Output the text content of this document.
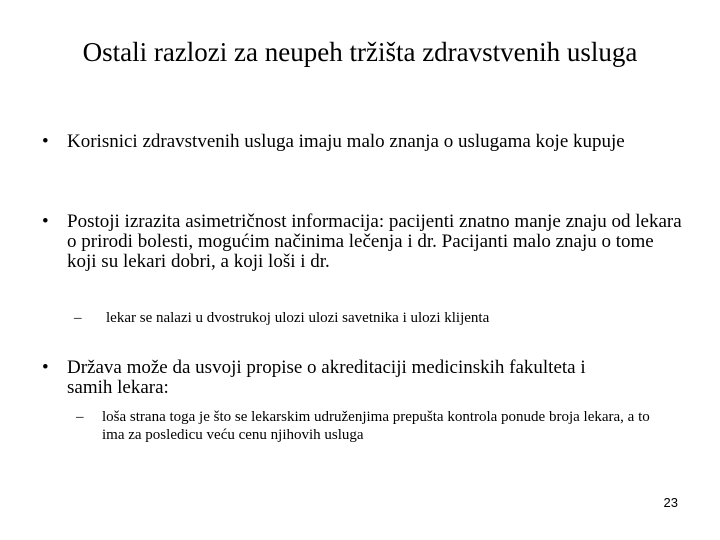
Ostali razlozi za neupeh tržišta zdravstvenih usluga
• Korisnici zdravstvenih usluga imaju malo znanja o uslugama koje kupuje
• Postoji izrazita asimetričnost informacija: pacijenti znatno manje znaju od lekara o prirodi bolesti, mogućim načinima lečenja i dr. Pacijanti malo znaju o tome koji su lekari dobri, a koji loši i dr.
– lekar se nalazi u dvostrukoj ulozi ulozi savetnika i ulozi klijenta
• Država može da usvoji propise o akreditaciji medicinskih fakulteta i samih lekara:
– loša strana toga je što se lekarskim udruženjima prepušta kontrola ponude broja lekara, a to ima za posledicu veću cenu njihovih usluga
23
